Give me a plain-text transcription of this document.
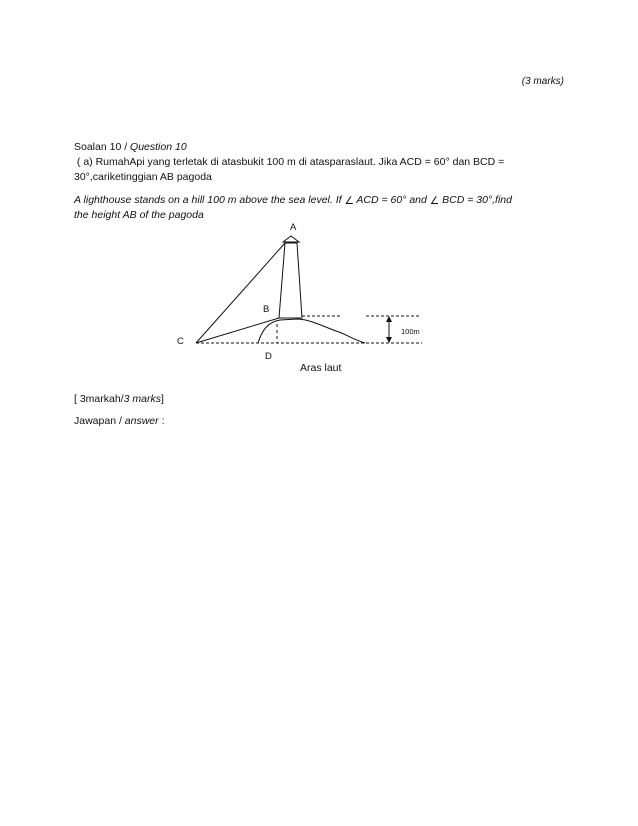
(3 marks)
Soalan 10 / Question 10
( a) RumahApi yang terletak di atasbukit 100 m di atasparaslaut. Jika ACD = 60° dan BCD =
30°,cariketinggian AB pagoda
A lighthouse stands on a hill 100 m above the sea level. If ∠ ACD = 60° and ∠ BCD = 30°,find
the height AB of the pagoda
A
B
C
D
100m
Aras laut
[ 3markah/3 marks]
Jawapan / answer :
